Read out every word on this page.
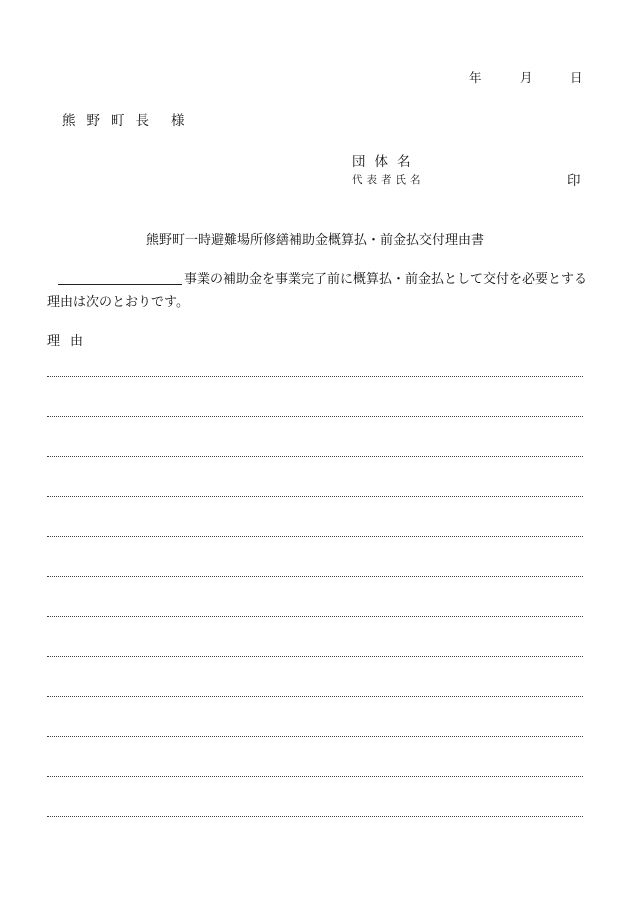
年	月	日
熊野町長 様
団体名
代表者氏名	印
熊野町一時避難場所修繕補助金概算払・前金払交付理由書
事業の補助金を事業完了前に概算払・前金払として交付を必要とする
理由は次のとおりです。
理由
